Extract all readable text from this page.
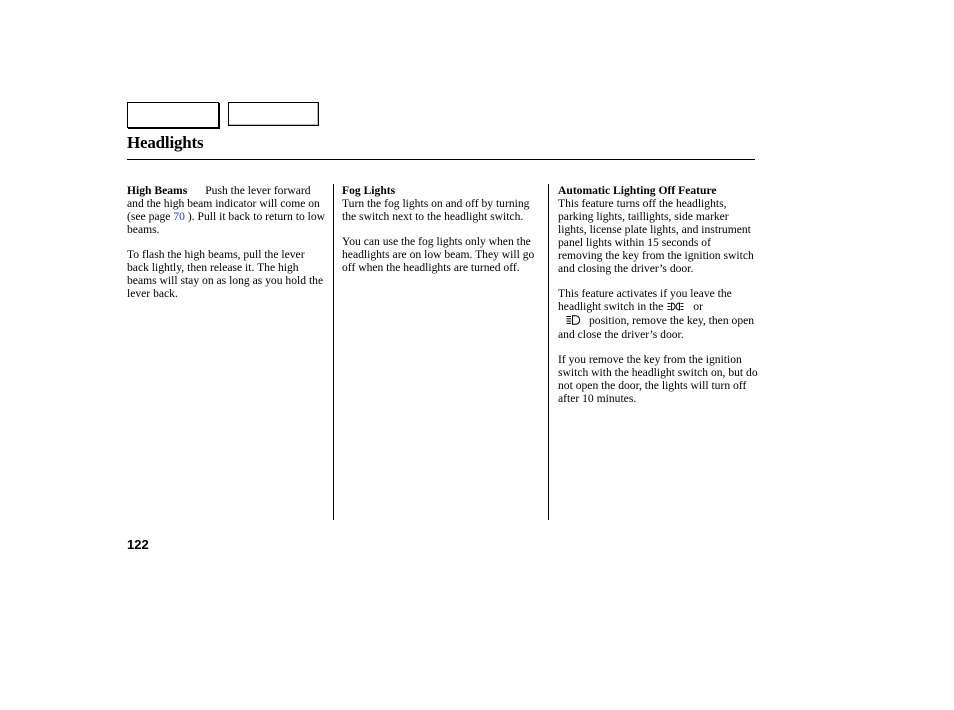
Headlights

High Beams Push the lever forward and the high beam indicator will come on (see page 70 ). Pull it back to return to low beams.

To flash the high beams, pull the lever back lightly, then release it. The high beams will stay on as long as you hold the lever back.

Fog Lights
Turn the fog lights on and off by turning the switch next to the headlight switch.

You can use the fog lights only when the headlights are on low beam. They will go off when the headlights are turned off.

Automatic Lighting Off Feature
This feature turns off the headlights, parking lights, taillights, side marker lights, license plate lights, and instrument panel lights within 15 seconds of removing the key from the ignition switch and closing the driver’s door.

This feature activates if you leave the headlight switch in the	or
position, remove the key, then open and close the driver’s door.

If you remove the key from the ignition switch with the headlight switch on, but do not open the door, the lights will turn off after 10 minutes.

122
